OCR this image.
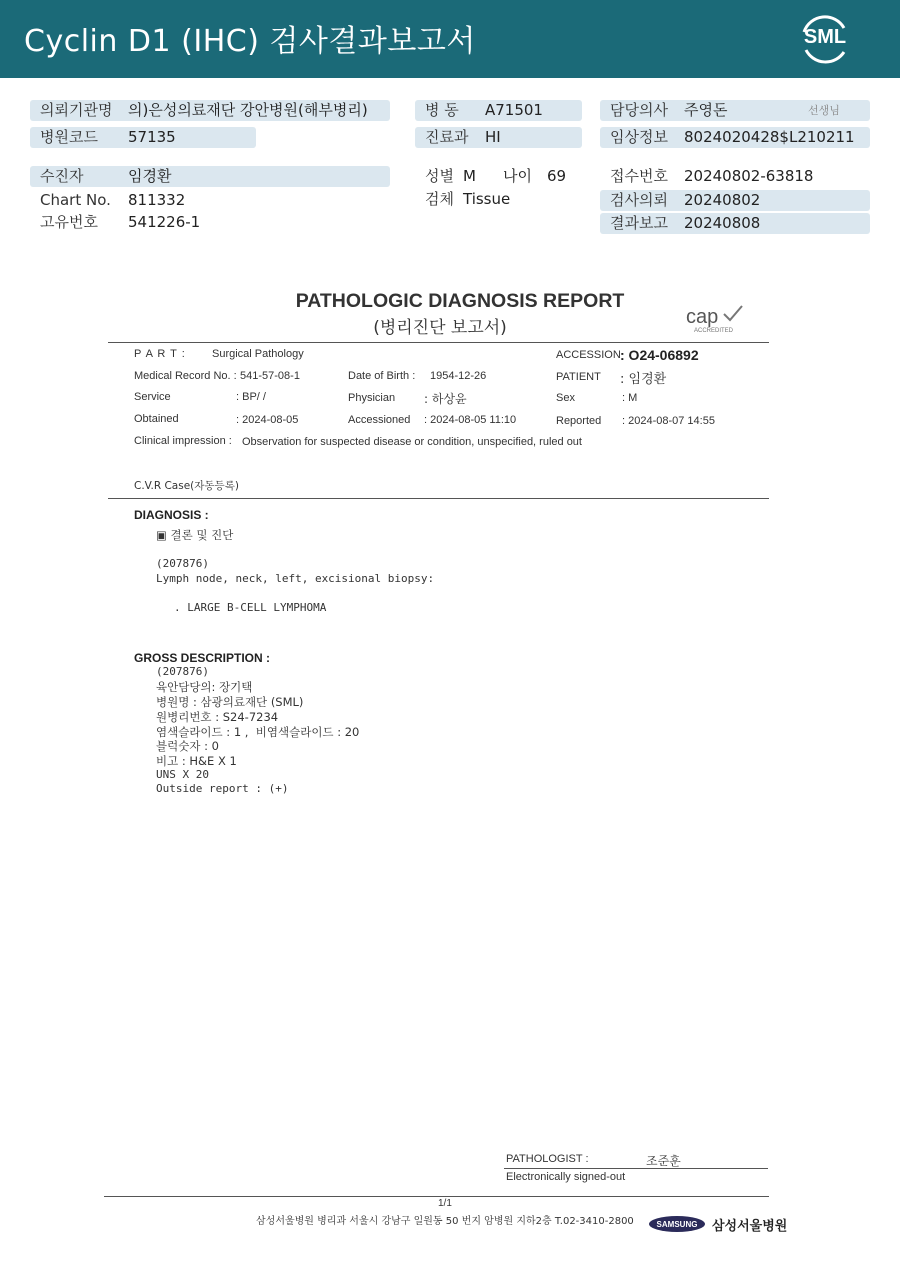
Cyclin D1 (IHC) 검사결과보고서	SML
의뢰기관명 의)은성의료재단 강안병원(해부병리)
병원코드 57135
병 동 A71501
진료과 HI
담당의사 주영돈	선생님
임상정보 8024020428$L210211
수진자	임경환
Chart No. 811332
고유번호 541226-1
성별 M 나이 69
검체 Tissue
접수번호 20240802-63818
검사의뢰 20240802
결과보고 20240808
PATHOLOGIC DIAGNOSIS REPORT
(병리진단 보고서)	cap
ACCREDITED
P A R T : Surgical Pathology	ACCESSION : O24-06892
Medical Record No. : 541-57-08-1	Date of Birth : 1954-12-26	PATIENT : 임경환
Service	: BP/ /	Physician : 하상윤	Sex	: M
Obtained	: 2024-08-05	Accessioned : 2024-08-05 11:10	Reported : 2024-08-07 14:55
Clinical impression : Observation for suspected disease or condition, unspecified, ruled out
C.V.R Case(자동등록)

DIAGNOSIS :
▣ 결론 및 진단
(207876)
Lymph node, neck, left, excisional biopsy:
. LARGE B-CELL LYMPHOMA
GROSS DESCRIPTION :
(207876)
육안담당의: 장기택
병원명 : 삼광의료재단 (SML)
원병리번호 : S24-7234
염색슬라이드 : 1 ,  비염색슬라이드 : 20
블럭숫자 : 0
비고 : H&E X 1
UNS X 20
Outside report : (+)
PATHOLOGIST :	조준훈
Electronically signed-out
1/1
삼성서울병원 병리과 서울시 강남구 일원동 50 번지 암병원 지하2층 T.02-3410-2800	SAMSUNG 삼성서울병원
